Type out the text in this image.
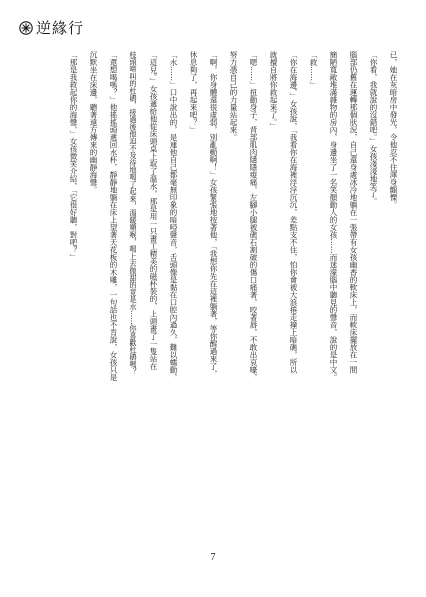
逆緣行
已，她在灰暗房中發光，令他忍不住渾身顫慄。
「你看，我就說的沒錯吧。」女孩淺淺地笑了。
腦部仍舊在運轉那個狀況，自己還身處冰冷地躺在一張帶有女孩幽香的軟床上，而軟床擺放在一間
簡陋寬敞堆滿雜物的房內，身邊坐了一名笑顏動人的女孩……而迷濛腦中聽見的聲音，說的是中文。
「救……」
「你在海邊，」女孩說，「我看你在海裡浮浮沉沉，差點支不住，怕你會被大浪捲走撞上暗礁，所以
就擅自將你救起來了。」
「嗯……」扭動身子，背部肌肉隱隱痠痛，左腳小腿被礁石割破的傷口痛著，咬著唇，不敢出哀嚎，
努力憑自己的力量站起來。
「啊，你身體還很虛弱，別亂動啊！」女孩緊張地按著他，「我想你先在這裡躺著，等你醒過來了，
休息夠了，再起來吧？」
「水……」口中說出的，是連他自己都毫無印象的暗啞聲音，舌頭像是黏在口腔內過久，難以蠕動，
「這兒。」女孩遞給他從床頭桌上取了溫水，那是用一只畫工精美的磁杯裝的，上頭畫了一隻站在
枝頭啼叫的杜鵑，接過後他迫不及待地喝了起來，溫暖順喉，喝上去微甜的竟是水……你喜歡杜鵑嗎？
「還想喝嗎？」他搖搖頭遞回水杯，靜靜地躺在床上望著天花板的木雕，一句話也不肯說，女孩只是
沉默坐在床邊，聽著遠方傳來的幽靜海聲。
「那是我救起你的海聲，」女孩微笑介紹，「它很好聽，對吧？」
7
